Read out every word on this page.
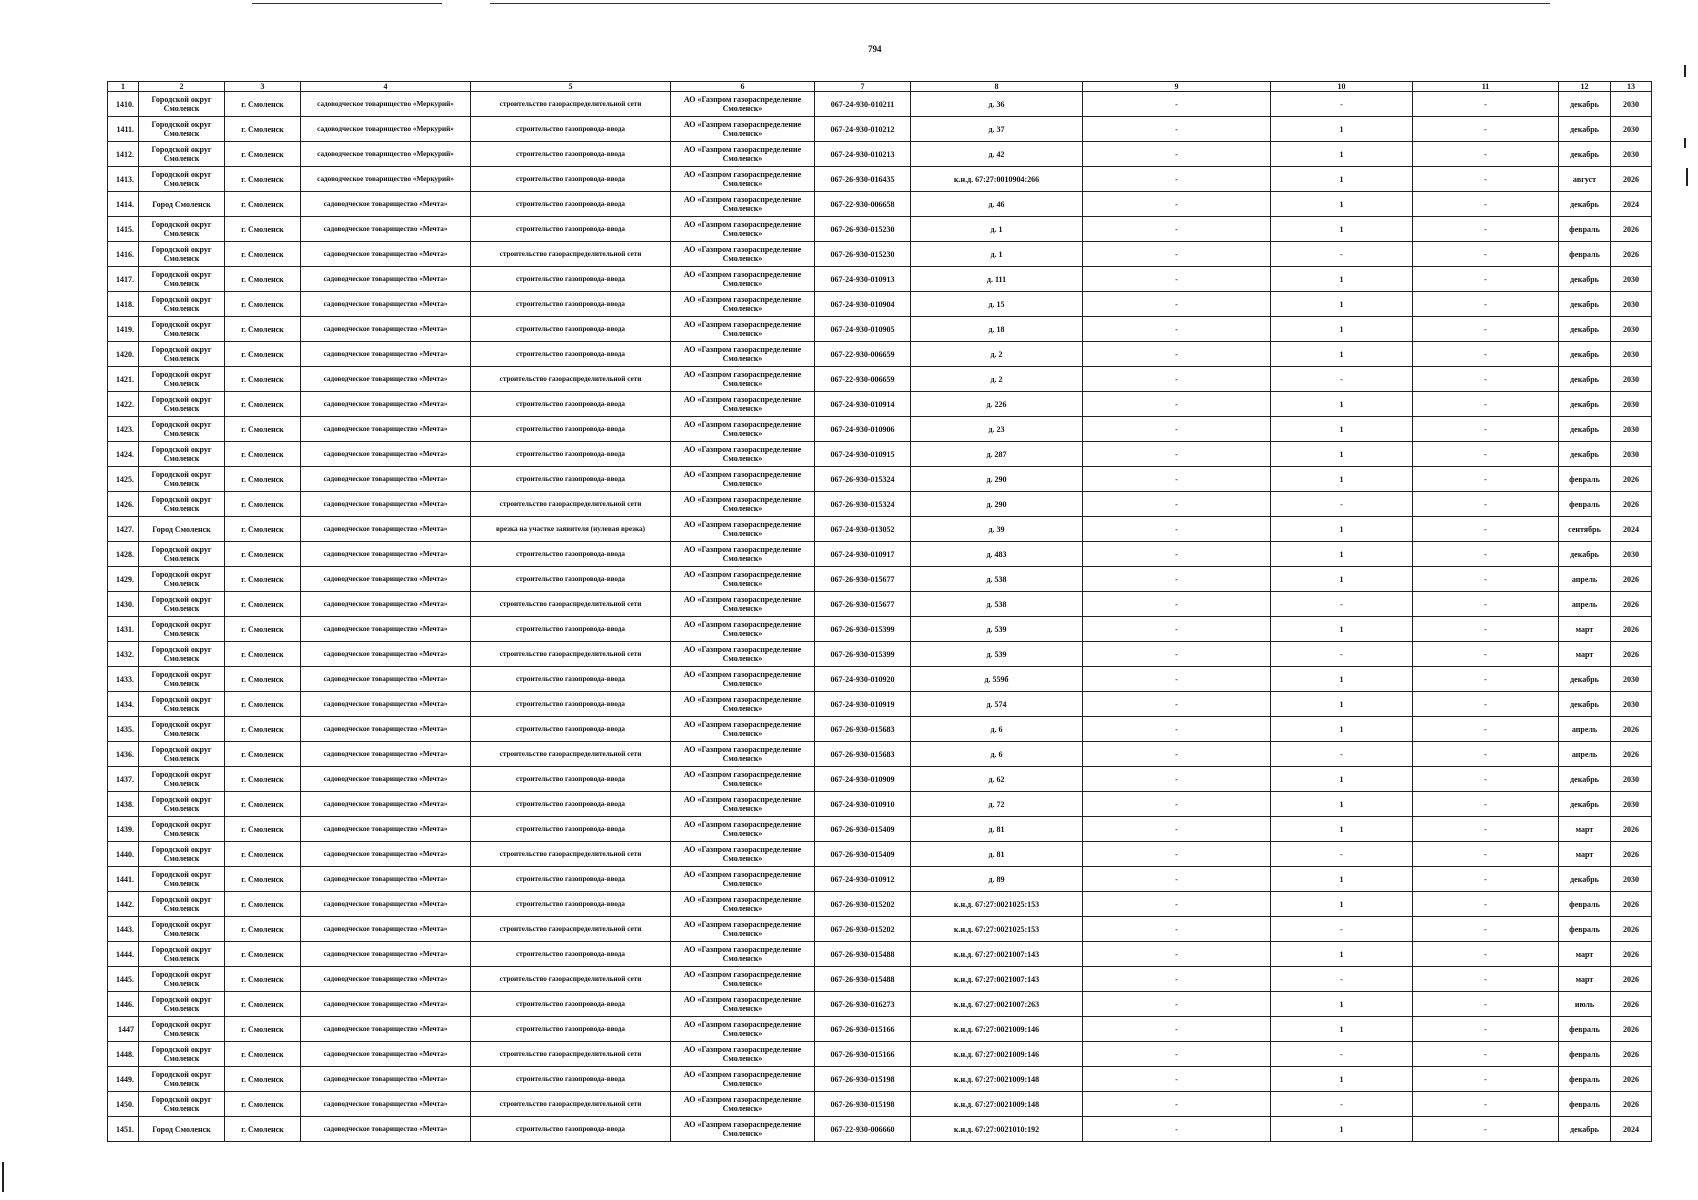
794
1	2	3	4	5	6	7	8	9	10	11	12	13
1410.	Городской округ Смоленск	г. Смоленск	садоводческое товарищество «Меркурий»	строительство газораспределительной сети	АО «Газпром газораспределение Смоленск»	067-24-930-010211	д. 36	-	-	-	декабрь	2030
1411.	Городской округ Смоленск	г. Смоленск	садоводческое товарищество «Меркурий»	строительство газопровода-ввода	АО «Газпром газораспределение Смоленск»	067-24-930-010212	д. 37	-	1	-	декабрь	2030
1412.	Городской округ Смоленск	г. Смоленск	садоводческое товарищество «Меркурий»	строительство газопровода-ввода	АО «Газпром газораспределение Смоленск»	067-24-930-010213	д. 42	-	1	-	декабрь	2030
1413.	Городской округ Смоленск	г. Смоленск	садоводческое товарищество «Меркурий»	строительство газопровода-ввода	АО «Газпром газораспределение Смоленск»	067-26-930-016435	к.н.д. 67:27:0010904:266	-	1	-	август	2026
1414.	Город Смоленск	г. Смоленск	садоводческое товарищество «Мечта»	строительство газопровода-ввода	АО «Газпром газораспределение Смоленск»	067-22-930-006658	д. 46	-	1	-	декабрь	2024
1415.	Городской округ Смоленск	г. Смоленск	садоводческое товарищество «Мечта»	строительство газопровода-ввода	АО «Газпром газораспределение Смоленск»	067-26-930-015230	д. 1	-	1	-	февраль	2026
1416.	Городской округ Смоленск	г. Смоленск	садоводческое товарищество «Мечта»	строительство газораспределительной сети	АО «Газпром газораспределение Смоленск»	067-26-930-015230	д. 1	-	-	-	февраль	2026
1417.	Городской округ Смоленск	г. Смоленск	садоводческое товарищество «Мечта»	строительство газопровода-ввода	АО «Газпром газораспределение Смоленск»	067-24-930-010913	д. 111	-	1	-	декабрь	2030
1418.	Городской округ Смоленск	г. Смоленск	садоводческое товарищество «Мечта»	строительство газопровода-ввода	АО «Газпром газораспределение Смоленск»	067-24-930-010904	д. 15	-	1	-	декабрь	2030
1419.	Городской округ Смоленск	г. Смоленск	садоводческое товарищество «Мечта»	строительство газопровода-ввода	АО «Газпром газораспределение Смоленск»	067-24-930-010905	д. 18	-	1	-	декабрь	2030
1420.	Городской округ Смоленск	г. Смоленск	садоводческое товарищество «Мечта»	строительство газопровода-ввода	АО «Газпром газораспределение Смоленск»	067-22-930-006659	д. 2	-	1	-	декабрь	2030
1421.	Городской округ Смоленск	г. Смоленск	садоводческое товарищество «Мечта»	строительство газораспределительной сети	АО «Газпром газораспределение Смоленск»	067-22-930-006659	д. 2	-	-	-	декабрь	2030
1422.	Городской округ Смоленск	г. Смоленск	садоводческое товарищество «Мечта»	строительство газопровода-ввода	АО «Газпром газораспределение Смоленск»	067-24-930-010914	д. 226	-	1	-	декабрь	2030
1423.	Городской округ Смоленск	г. Смоленск	садоводческое товарищество «Мечта»	строительство газопровода-ввода	АО «Газпром газораспределение Смоленск»	067-24-930-010906	д. 23	-	1	-	декабрь	2030
1424.	Городской округ Смоленск	г. Смоленск	садоводческое товарищество «Мечта»	строительство газопровода-ввода	АО «Газпром газораспределение Смоленск»	067-24-930-010915	д. 287	-	1	-	декабрь	2030
1425.	Городской округ Смоленск	г. Смоленск	садоводческое товарищество «Мечта»	строительство газопровода-ввода	АО «Газпром газораспределение Смоленск»	067-26-930-015324	д. 290	-	1	-	февраль	2026
1426.	Городской округ Смоленск	г. Смоленск	садоводческое товарищество «Мечта»	строительство газораспределительной сети	АО «Газпром газораспределение Смоленск»	067-26-930-015324	д. 290	-	-	-	февраль	2026
1427.	Город Смоленск	г. Смоленск	садоводческое товарищество «Мечта»	врезка на участке заявителя (нулевая врезка)	АО «Газпром газораспределение Смоленск»	067-24-930-013052	д. 39	-	1	-	сентябрь	2024
1428.	Городской округ Смоленск	г. Смоленск	садоводческое товарищество «Мечта»	строительство газопровода-ввода	АО «Газпром газораспределение Смоленск»	067-24-930-010917	д. 483	-	1	-	декабрь	2030
1429.	Городской округ Смоленск	г. Смоленск	садоводческое товарищество «Мечта»	строительство газопровода-ввода	АО «Газпром газораспределение Смоленск»	067-26-930-015677	д. 538	-	1	-	апрель	2026
1430.	Городской округ Смоленск	г. Смоленск	садоводческое товарищество «Мечта»	строительство газораспределительной сети	АО «Газпром газораспределение Смоленск»	067-26-930-015677	д. 538	-	-	-	апрель	2026
1431.	Городской округ Смоленск	г. Смоленск	садоводческое товарищество «Мечта»	строительство газопровода-ввода	АО «Газпром газораспределение Смоленск»	067-26-930-015399	д. 539	-	1	-	март	2026
1432.	Городской округ Смоленск	г. Смоленск	садоводческое товарищество «Мечта»	строительство газораспределительной сети	АО «Газпром газораспределение Смоленск»	067-26-930-015399	д. 539	-	-	-	март	2026
1433.	Городской округ Смоленск	г. Смоленск	садоводческое товарищество «Мечта»	строительство газопровода-ввода	АО «Газпром газораспределение Смоленск»	067-24-930-010920	д. 559б	-	1	-	декабрь	2030
1434.	Городской округ Смоленск	г. Смоленск	садоводческое товарищество «Мечта»	строительство газопровода-ввода	АО «Газпром газораспределение Смоленск»	067-24-930-010919	д. 574	-	1	-	декабрь	2030
1435.	Городской округ Смоленск	г. Смоленск	садоводческое товарищество «Мечта»	строительство газопровода-ввода	АО «Газпром газораспределение Смоленск»	067-26-930-015683	д. 6	-	1	-	апрель	2026
1436.	Городской округ Смоленск	г. Смоленск	садоводческое товарищество «Мечта»	строительство газораспределительной сети	АО «Газпром газораспределение Смоленск»	067-26-930-015683	д. 6	-	-	-	апрель	2026
1437.	Городской округ Смоленск	г. Смоленск	садоводческое товарищество «Мечта»	строительство газопровода-ввода	АО «Газпром газораспределение Смоленск»	067-24-930-010909	д. 62	-	1	-	декабрь	2030
1438.	Городской округ Смоленск	г. Смоленск	садоводческое товарищество «Мечта»	строительство газопровода-ввода	АО «Газпром газораспределение Смоленск»	067-24-930-010910	д. 72	-	1	-	декабрь	2030
1439.	Городской округ Смоленск	г. Смоленск	садоводческое товарищество «Мечта»	строительство газопровода-ввода	АО «Газпром газораспределение Смоленск»	067-26-930-015409	д. 81	-	1	-	март	2026
1440.	Городской округ Смоленск	г. Смоленск	садоводческое товарищество «Мечта»	строительство газораспределительной сети	АО «Газпром газораспределение Смоленск»	067-26-930-015409	д. 81	-	-	-	март	2026
1441.	Городской округ Смоленск	г. Смоленск	садоводческое товарищество «Мечта»	строительство газопровода-ввода	АО «Газпром газораспределение Смоленск»	067-24-930-010912	д. 89	-	1	-	декабрь	2030
1442.	Городской округ Смоленск	г. Смоленск	садоводческое товарищество «Мечта»	строительство газопровода-ввода	АО «Газпром газораспределение Смоленск»	067-26-930-015202	к.н.д. 67:27:0021025:153	-	1	-	февраль	2026
1443.	Городской округ Смоленск	г. Смоленск	садоводческое товарищество «Мечта»	строительство газораспределительной сети	АО «Газпром газораспределение Смоленск»	067-26-930-015202	к.н.д. 67:27:0021025:153	-	-	-	февраль	2026
1444.	Городской округ Смоленск	г. Смоленск	садоводческое товарищество «Мечта»	строительство газопровода-ввода	АО «Газпром газораспределение Смоленск»	067-26-930-015488	к.н.д. 67:27:0021007:143	-	1	-	март	2026
1445.	Городской округ Смоленск	г. Смоленск	садоводческое товарищество «Мечта»	строительство газораспределительной сети	АО «Газпром газораспределение Смоленск»	067-26-930-015488	к.н.д. 67:27:0021007:143	-	-	-	март	2026
1446.	Городской округ Смоленск	г. Смоленск	садоводческое товарищество «Мечта»	строительство газопровода-ввода	АО «Газпром газораспределение Смоленск»	067-26-930-016273	к.н.д. 67:27:0021007:263	-	1	-	июль	2026
1447	Городской округ Смоленск	г. Смоленск	садоводческое товарищество «Мечта»	строительство газопровода-ввода	АО «Газпром газораспределение Смоленск»	067-26-930-015166	к.н.д. 67:27:0021009:146	-	1	-	февраль	2026
1448.	Городской округ Смоленск	г. Смоленск	садоводческое товарищество «Мечта»	строительство газораспределительной сети	АО «Газпром газораспределение Смоленск»	067-26-930-015166	к.н.д. 67:27:0021009:146	-	-	-	февраль	2026
1449.	Городской округ Смоленск	г. Смоленск	садоводческое товарищество «Мечта»	строительство газопровода-ввода	АО «Газпром газораспределение Смоленск»	067-26-930-015198	к.н.д. 67:27:0021009:148	-	1	-	февраль	2026
1450.	Городской округ Смоленск	г. Смоленск	садоводческое товарищество «Мечта»	строительство газораспределительной сети	АО «Газпром газораспределение Смоленск»	067-26-930-015198	к.н.д. 67:27:0021009:148	-	-	-	февраль	2026
1451.	Город Смоленск	г. Смоленск	садоводческое товарищество «Мечта»	строительство газопровода-ввода	АО «Газпром газораспределение Смоленск»	067-22-930-006660	к.н.д. 67:27:0021010:192	-	1	-	декабрь	2024
